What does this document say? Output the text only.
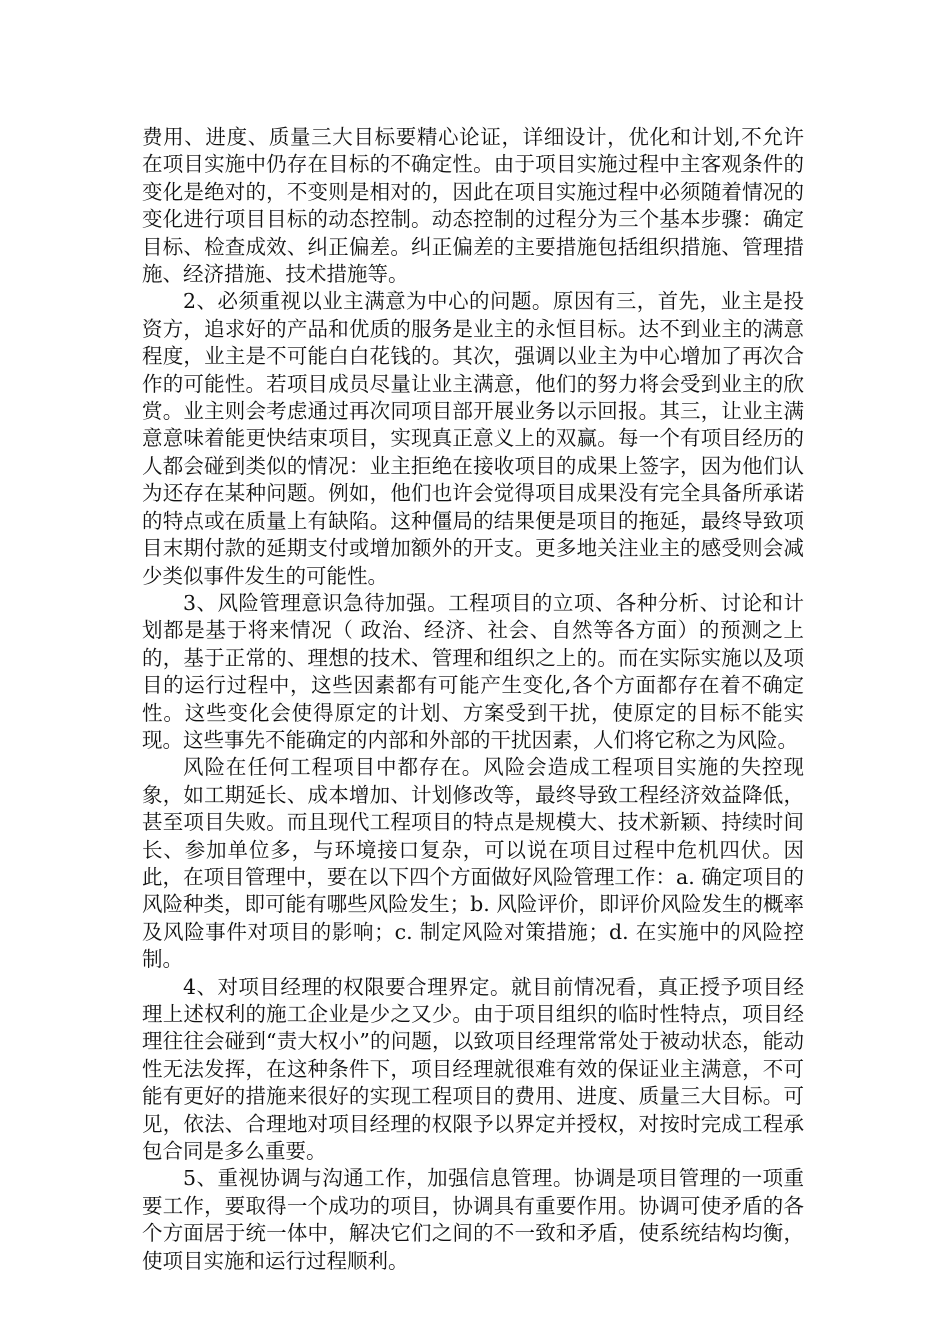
费用、进度、质量三大目标要精心论证，详细设计，优化和计划,不允许在项目实施中仍存在目标的不确定性。由于项目实施过程中主客观条件的变化是绝对的，不变则是相对的，因此在项目实施过程中必须随着情况的变化进行项目目标的动态控制。动态控制的过程分为三个基本步骤：确定目标、检查成效、纠正偏差。纠正偏差的主要措施包括组织措施、管理措施、经济措施、技术措施等。

2、必须重视以业主满意为中心的问题。原因有三，首先，业主是投资方，追求好的产品和优质的服务是业主的永恒目标。达不到业主的满意程度，业主是不可能白白花钱的。其次，强调以业主为中心增加了再次合作的可能性。若项目成员尽量让业主满意，他们的努力将会受到业主的欣赏。业主则会考虑通过再次同项目部开展业务以示回报。其三，让业主满意意味着能更快结束项目，实现真正意义上的双赢。每一个有项目经历的人都会碰到类似的情况：业主拒绝在接收项目的成果上签字，因为他们认为还存在某种问题。例如，他们也许会觉得项目成果没有完全具备所承诺的特点或在质量上有缺陷。这种僵局的结果便是项目的拖延，最终导致项目末期付款的延期支付或增加额外的开支。更多地关注业主的感受则会减少类似事件发生的可能性。

3、风险管理意识急待加强。工程项目的立项、各种分析、讨论和计划都是基于将来情况（ 政治、经济、社会、自然等各方面）的预测之上的，基于正常的、理想的技术、管理和组织之上的。而在实际实施以及项目的运行过程中，这些因素都有可能产生变化,各个方面都存在着不确定性。这些变化会使得原定的计划、方案受到干扰，使原定的目标不能实现。这些事先不能确定的内部和外部的干扰因素，人们将它称之为风险。

风险在任何工程项目中都存在。风险会造成工程项目实施的失控现象，如工期延长、成本增加、计划修改等，最终导致工程经济效益降低，甚至项目失败。而且现代工程项目的特点是规模大、技术新颖、持续时间长、参加单位多，与环境接口复杂，可以说在项目过程中危机四伏。因此，在项目管理中，要在以下四个方面做好风险管理工作：a. 确定项目的风险种类，即可能有哪些风险发生；b. 风险评价，即评价风险发生的概率及风险事件对项目的影响；c. 制定风险对策措施；d. 在实施中的风险控制。

4、对项目经理的权限要合理界定。就目前情况看，真正授予项目经理上述权利的施工企业是少之又少。由于项目组织的临时性特点，项目经理往往会碰到“责大权小”的问题，以致项目经理常常处于被动状态，能动性无法发挥，在这种条件下，项目经理就很难有效的保证业主满意，不可能有更好的措施来很好的实现工程项目的费用、进度、质量三大目标。可见，依法、合理地对项目经理的权限予以界定并授权，对按时完成工程承包合同是多么重要。

5、重视协调与沟通工作，加强信息管理。协调是项目管理的一项重要工作，要取得一个成功的项目，协调具有重要作用。协调可使矛盾的各个方面居于统一体中，解决它们之间的不一致和矛盾，使系统结构均衡，使项目实施和运行过程顺利。
